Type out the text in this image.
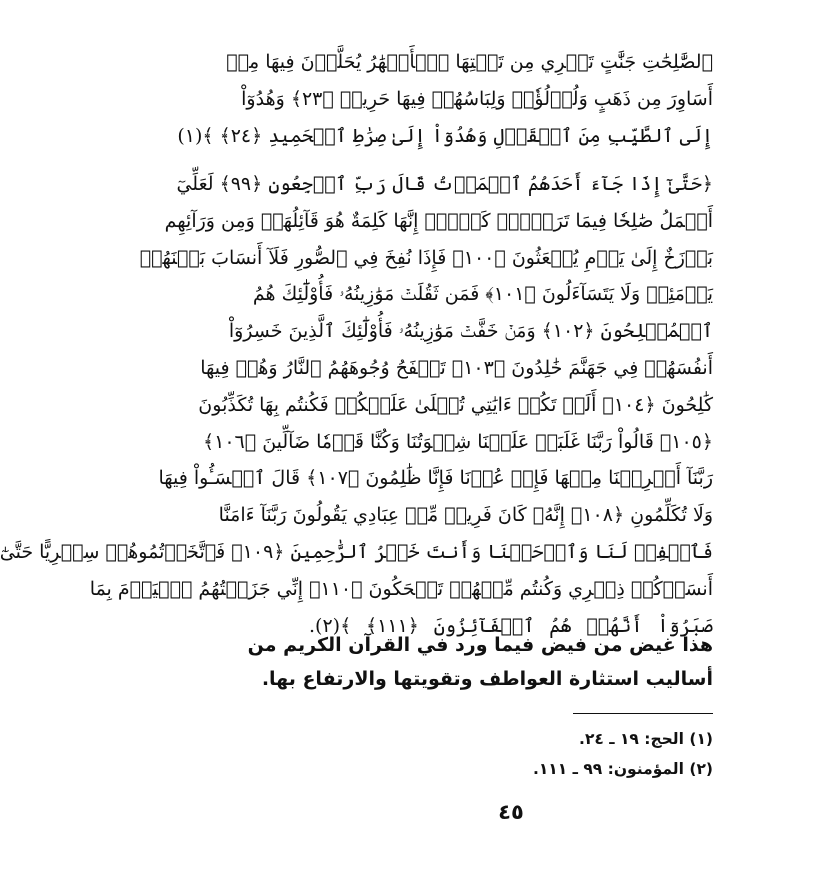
ٱلصَّٰلِحَٰتِ جَنَّٰتٍ تَجۡرِي مِن تَحۡتِهَا ٱلۡأَنۡهَٰرُ يُحَلَّوۡنَ فِيهَا مِنۡ
أَسَاوِرَ مِن ذَهَبٍ وَلُؤۡلُؤٗاۖ وَلِبَاسُهُمۡ فِيهَا حَرِيرٞ ﴿٢٣﴾ وَهُدُوٓاْ
إِلَى ٱلطَّيِّبِ مِنَ ٱلۡقَوۡلِ وَهُدُوٓاْ إِلَىٰ صِرَٰطِ ٱلۡحَمِيدِ ﴿٢٤﴾ ﴾(١)
﴿حَتَّىٰٓ إِذَا جَآءَ أَحَدَهُمُ ٱلۡمَوۡتُ قَالَ رَبِّ ٱرۡجِعُونِ ﴿٩٩﴾ لَعَلِّيٓ
أَعۡمَلُ صَٰلِحٗا فِيمَا تَرَكۡتُۚ كَلَّآۚ إِنَّهَا كَلِمَةٌ هُوَ قَآئِلُهَاۖ وَمِن وَرَآئِهِم
بَرۡزَخٌ إِلَىٰ يَوۡمِ يُبۡعَثُونَ ﴿١٠٠﴾ فَإِذَا نُفِخَ فِي ٱلصُّورِ فَلَآ أَنسَابَ بَيۡنَهُمۡ
يَوۡمَئِذٖ وَلَا يَتَسَآءَلُونَ ﴿١٠١﴾ فَمَن ثَقُلَتۡ مَوَٰزِينُهُۥ فَأُوْلَٰٓئِكَ هُمُ
ٱلۡمُفۡلِحُونَ ﴿١٠٢﴾ وَمَنۡ خَفَّتۡ مَوَٰزِينُهُۥ فَأُوْلَٰٓئِكَ ٱلَّذِينَ خَسِرُوٓاْ
أَنفُسَهُمۡ فِي جَهَنَّمَ خَٰلِدُونَ ﴿١٠٣﴾ تَلۡفَحُ وُجُوهَهُمُ ٱلنَّارُ وَهُمۡ فِيهَا
كَٰلِحُونَ ﴿١٠٤﴾ أَلَمۡ تَكُنۡ ءَايَٰتِي تُتۡلَىٰ عَلَيۡكُمۡ فَكُنتُم بِهَا تُكَذِّبُونَ
﴿١٠٥﴾ قَالُواْ رَبَّنَا غَلَبَتۡ عَلَيۡنَا شِقۡوَتُنَا وَكُنَّا قَوۡمٗا ضَآلِّينَ ﴿١٠٦﴾
رَبَّنَآ أَخۡرِجۡنَا مِنۡهَا فَإِنۡ عُدۡنَا فَإِنَّا ظَٰلِمُونَ ﴿١٠٧﴾ قَالَ ٱخۡسَـُٔواْ فِيهَا
وَلَا تُكَلِّمُونِ ﴿١٠٨﴾ إِنَّهُۥ كَانَ فَرِيقٞ مِّنۡ عِبَادِي يَقُولُونَ رَبَّنَآ ءَامَنَّا
فَٱغۡفِرۡ لَنَا وَٱرۡحَمۡنَا وَأَنتَ خَيۡرُ ٱلرَّٰحِمِينَ ﴿١٠٩﴾ فَٱتَّخَذۡتُمُوهُمۡ سِخۡرِيًّا حَتَّىٰٓ
أَنسَوۡكُمۡ ذِكۡرِي وَكُنتُم مِّنۡهُمۡ تَضۡحَكُونَ ﴿١١٠﴾ إِنِّي جَزَيۡتُهُمُ ٱلۡيَوۡمَ بِمَا
صَبَرُوٓاْ أَنَّهُمۡ هُمُ ٱلۡفَآئِزُونَ ﴿١١١﴾ ﴾(٢).
هذا غيض من فيض فيما ورد في القرآن الكريم من
أساليب استثارة العواطف وتقويتها والارتفاع بها.
(١) الحج: ١٩ ـ ٢٤.
(٢) المؤمنون: ٩٩ ـ ١١١.
٤٥
